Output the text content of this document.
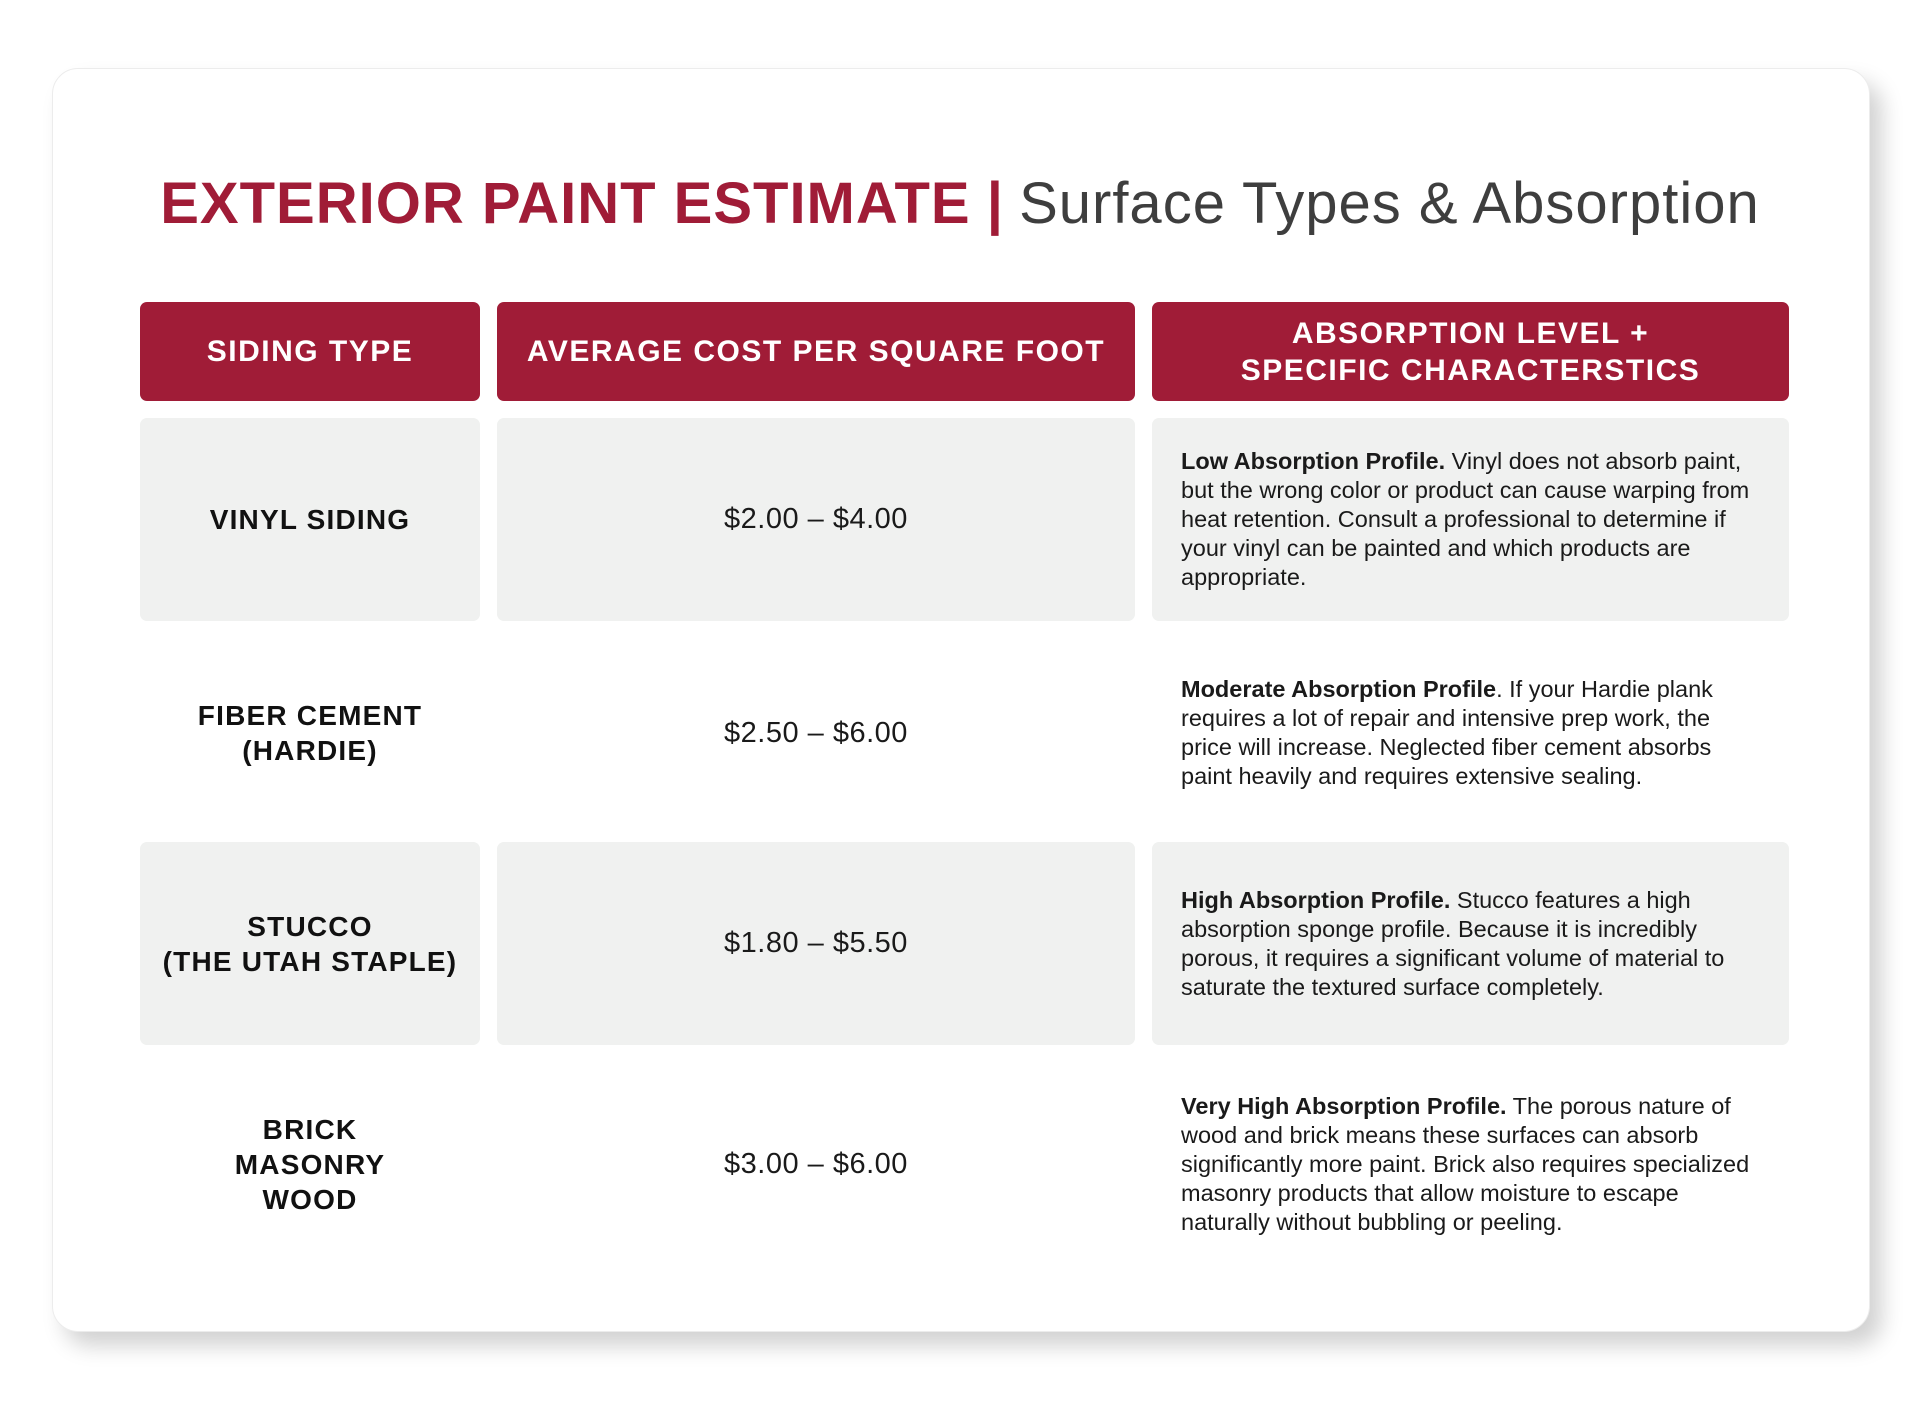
EXTERIOR PAINT ESTIMATE | Surface Types & Absorption
SIDING TYPE	AVERAGE COST PER SQUARE FOOT
ABSORPTION LEVEL +
SPECIFIC CHARACTERSTICS
VINYL SIDING	$2.00 – $4.00
Low Absorption Profile. Vinyl does not absorb paint, but the wrong color or product can cause warping from heat retention. Consult a professional to determine if your vinyl can be painted and which products are appropriate.
FIBER CEMENT
(HARDIE)
$2.50 – $6.00
Moderate Absorption Profile. If your Hardie plank requires a lot of repair and intensive prep work, the price will increase. Neglected fiber cement absorbs paint heavily and requires extensive sealing.
STUCCO
(THE UTAH STAPLE)
$1.80 – $5.50
High Absorption Profile. Stucco features a high absorption sponge profile. Because it is incredibly porous, it requires a significant volume of material to saturate the textured surface completely.
BRICK
MASONRY
WOOD
$3.00 – $6.00
Very High Absorption Profile. The porous nature of wood and brick means these surfaces can absorb significantly more paint. Brick also requires specialized masonry products that allow moisture to escape naturally without bubbling or peeling.
